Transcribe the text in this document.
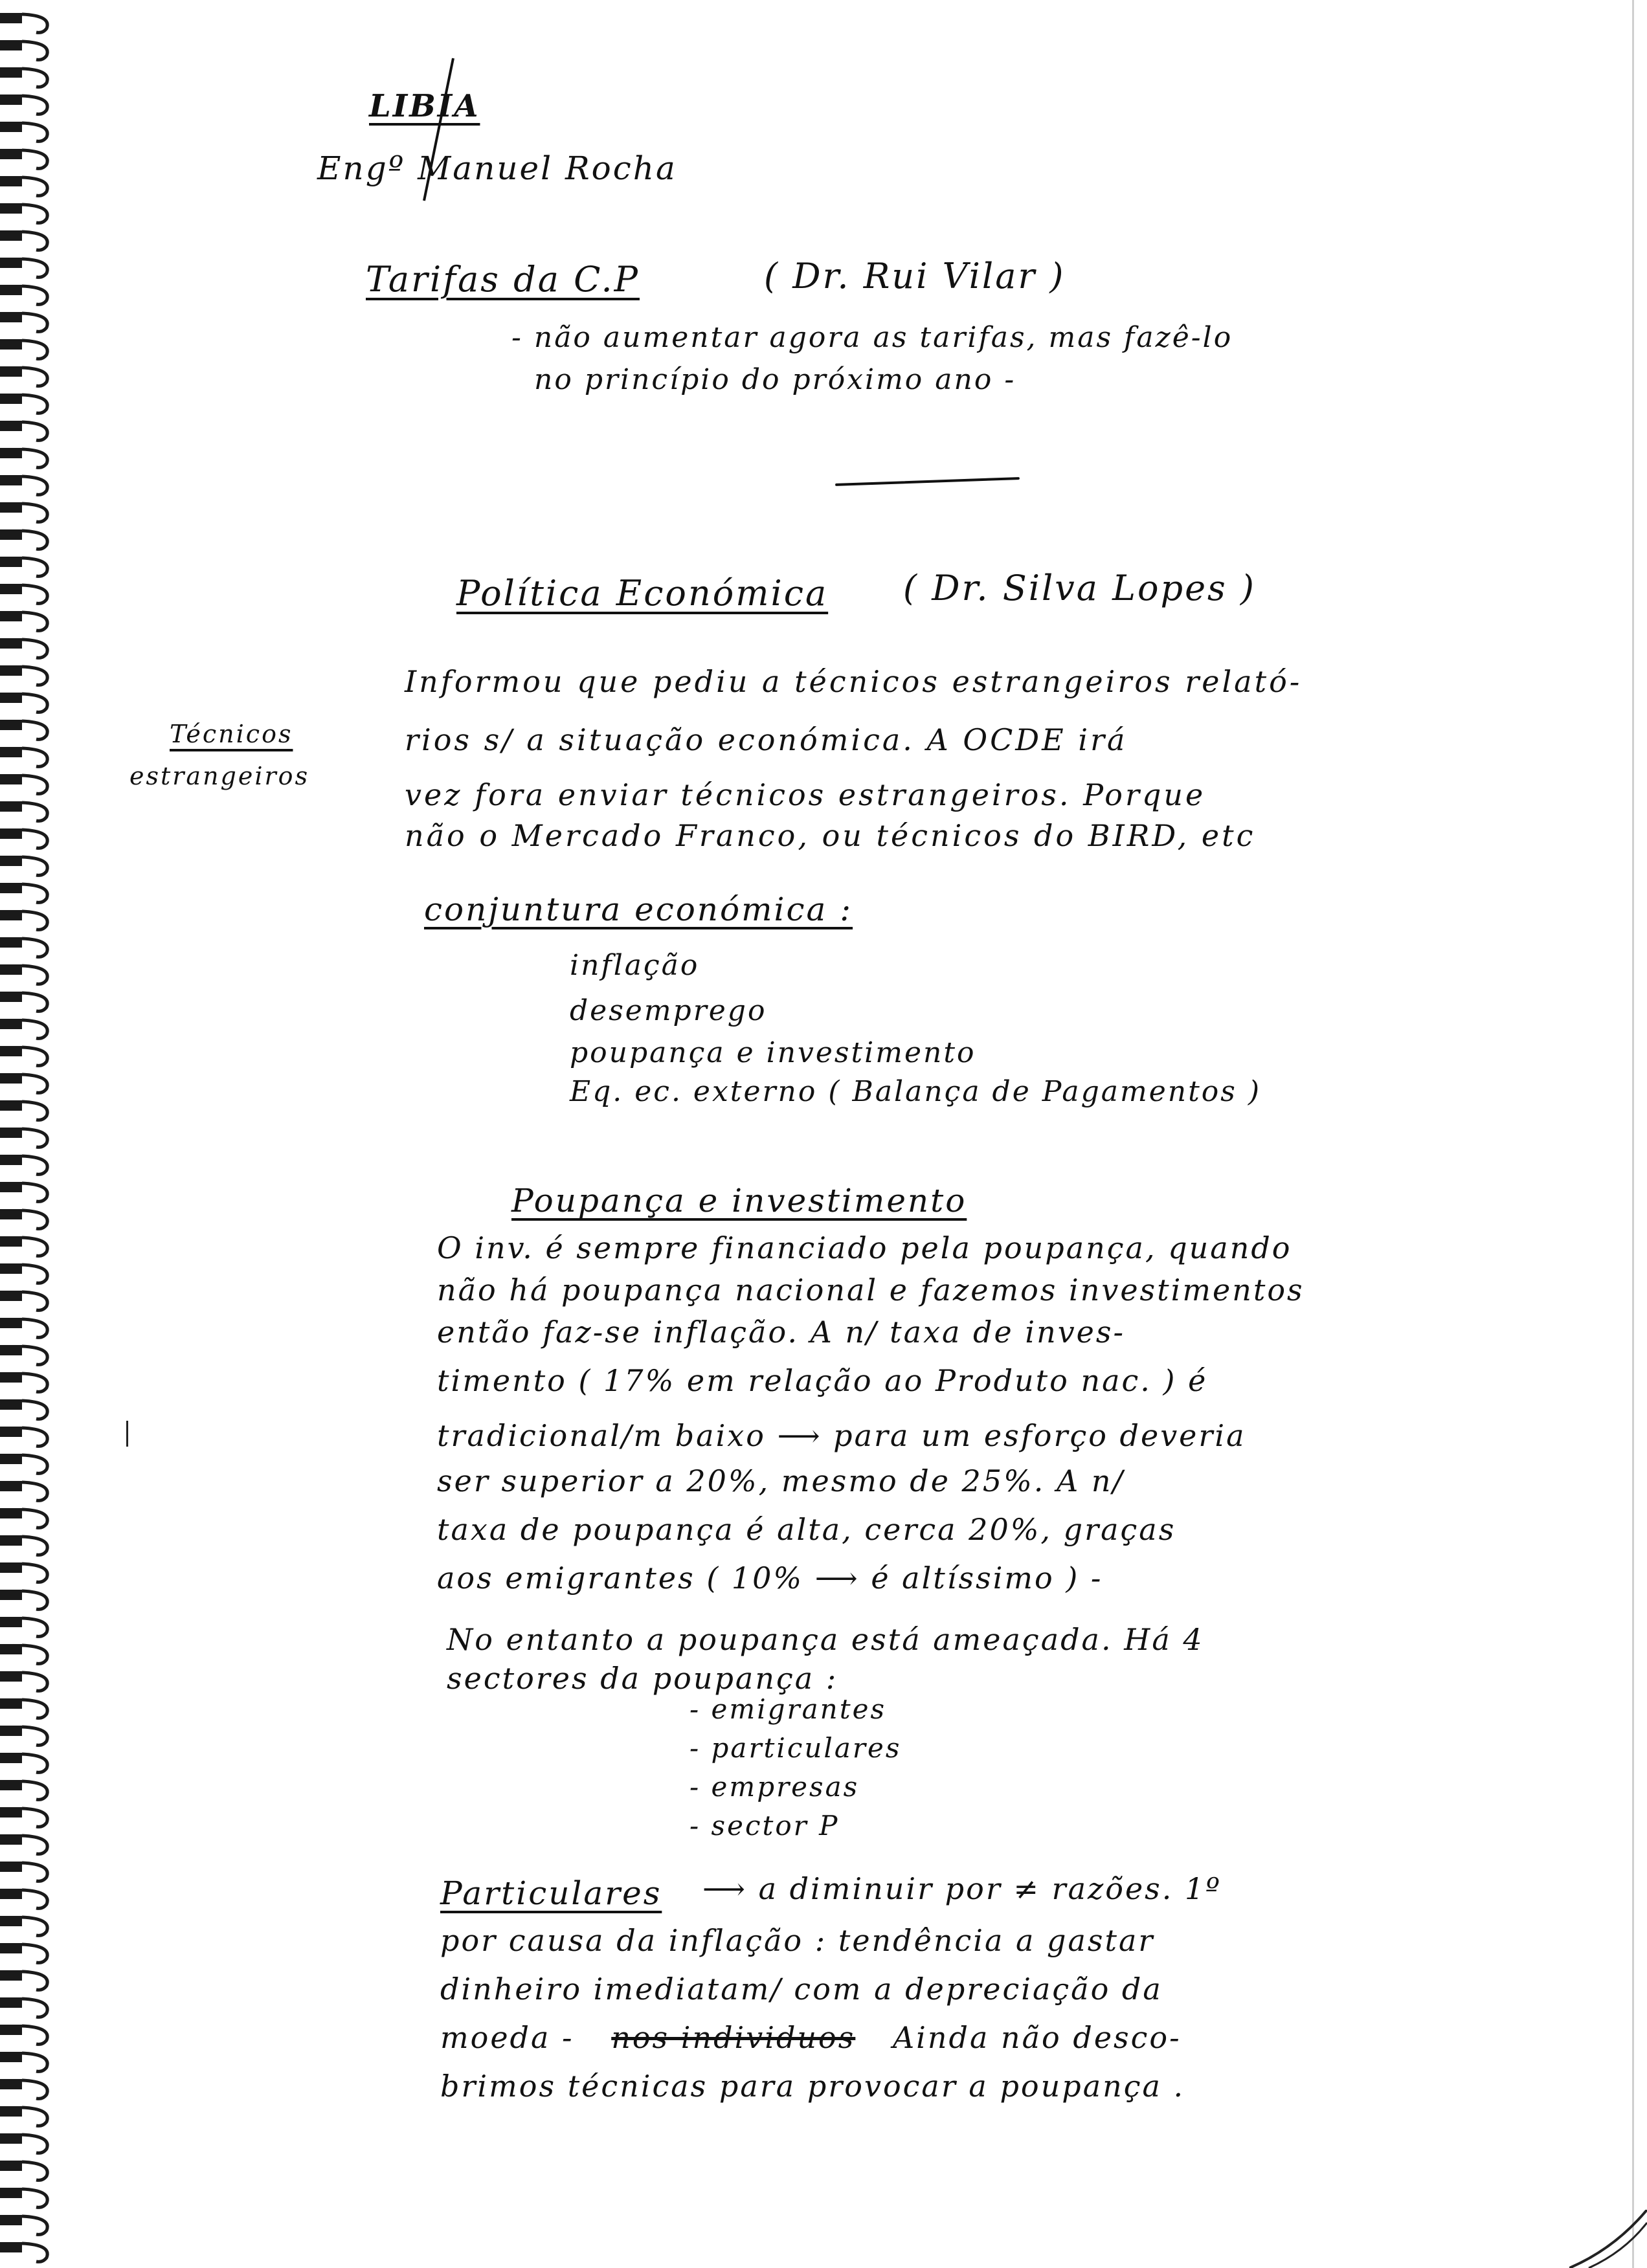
LIBIA
Engº Manuel Rocha
Tarifas da C.P	( Dr. Rui Vilar )
- não aumentar agora as tarifas, mas fazê-lo
no princípio do próximo ano -
Política Económica ( Dr. Silva Lopes )
Técnicos
estrangeiros
Informou que pediu a técnicos estrangeiros relató-
rios s/ a situação económica. A OCDE irá
vez fora enviar técnicos estrangeiros. Porque
não o Mercado Franco, ou técnicos do BIRD, etc
conjuntura económica :
inflação
desemprego
poupança e investimento
Eq. ec. externo ( Balança de Pagamentos )
Poupança e investimento
O inv. é sempre financiado pela poupança, quando
não há poupança nacional e fazemos investimentos
então faz-se inflação. A n/ taxa de inves-
timento ( 17% em relação ao Produto nac. ) é
tradicional/m baixo ⟶ para um esforço deveria
ser superior a 20%, mesmo de 25%. A n/
taxa de poupança é alta, cerca 20%, graças
aos emigrantes ( 10% ⟶ é altíssimo ) -
No entanto a poupança está ameaçada. Há 4
sectores da poupança :
- emigrantes
- particulares
- empresas
- sector P
Particulares ⟶ a diminuir por ≠ razões. 1º
por causa da inflação : tendência a gastar
dinheiro imediatam/ com a depreciação da
moeda - nos individuos Ainda não desco-
brimos técnicas para provocar a poupança .
